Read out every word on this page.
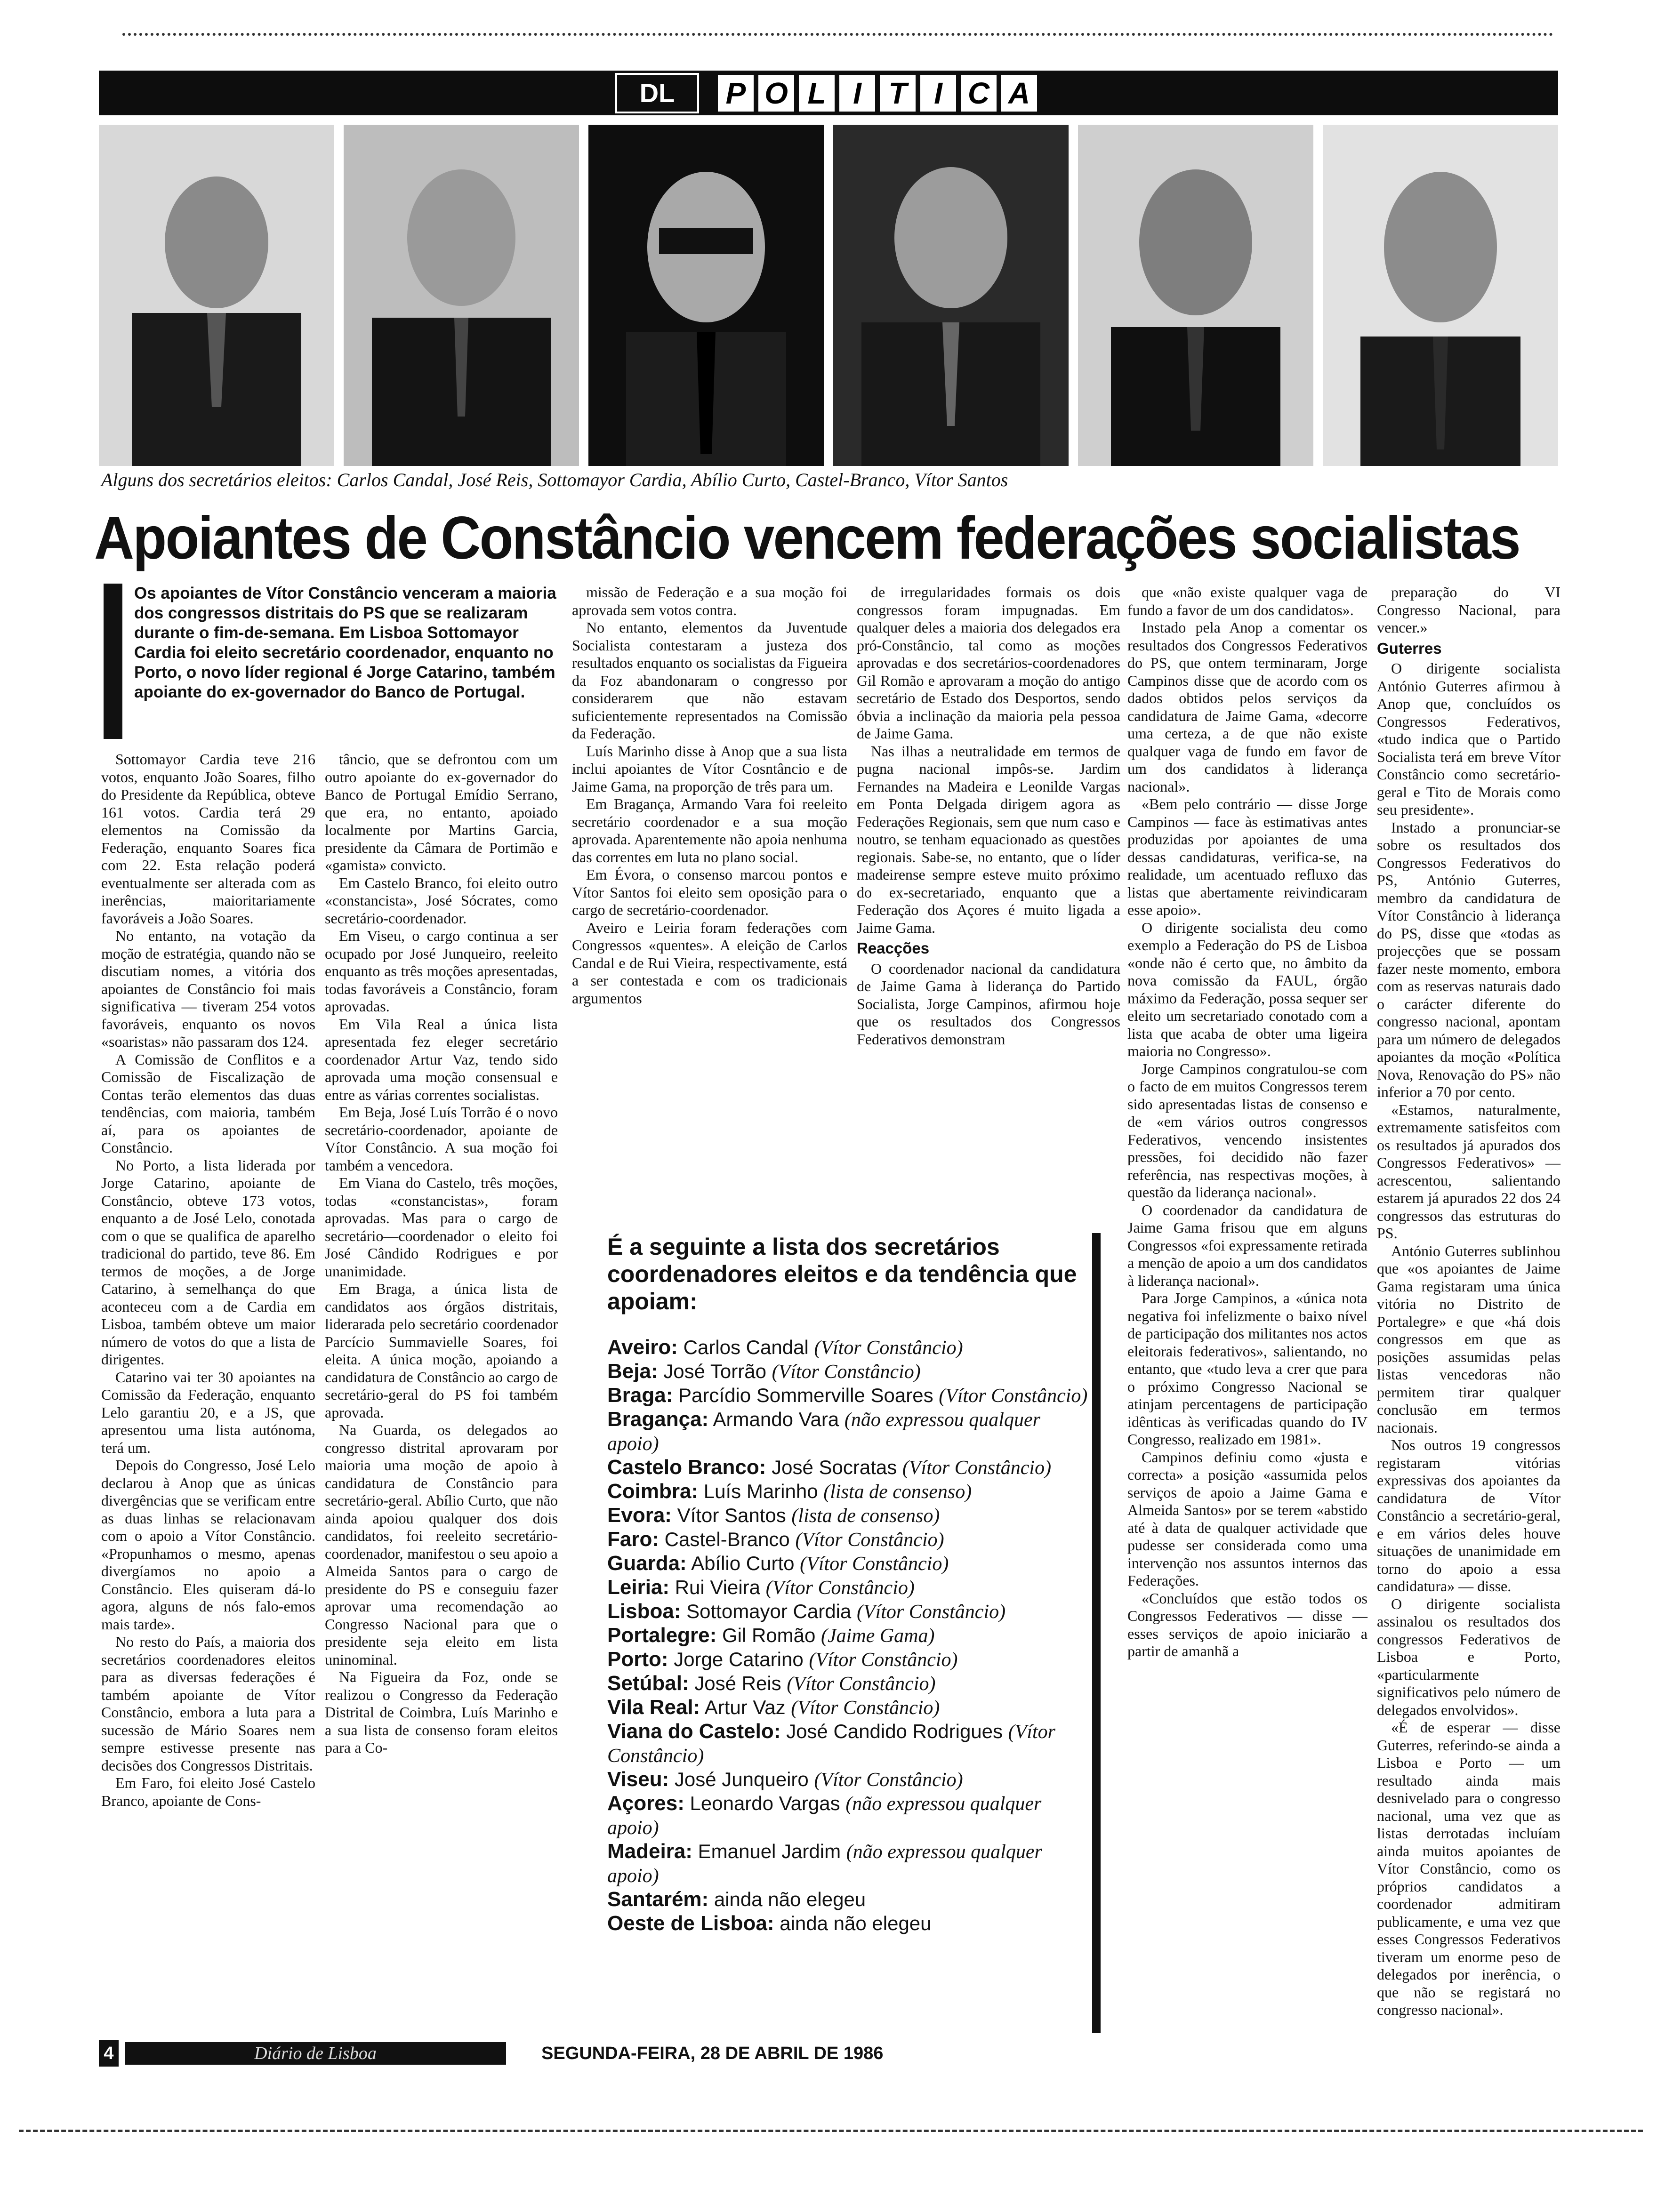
DL	P O L I T I C A
Alguns dos secretários eleitos: Carlos Candal, José Reis, Sottomayor Cardia, Abílio Curto, Castel-Branco, Vítor Santos
Apoiantes de Constâncio vencem federações socialistas
Os apoiantes de Vítor Constâncio venceram a maioria dos congressos distritais do PS que se realizaram durante o fim-de-semana. Em Lisboa Sottomayor Cardia foi eleito secretário coordenador, enquanto no Porto, o novo líder regional é Jorge Catarino, também apoiante do ex-governador do Banco de Portugal.

Sottomayor Cardia teve 216 votos, enquanto João Soares, filho do Presidente da República, obteve 161 votos. Cardia terá 29 elementos na Comissão da Federação, enquanto Soares fica com 22. Esta relação poderá eventualmente ser alterada com as inerências, maioritariamente favoráveis a João Soares.

No entanto, na votação da moção de estratégia, quando não se discutiam nomes, a vitória dos apoiantes de Constâncio foi mais significativa — tiveram 254 votos favoráveis, enquanto os novos «soaristas» não passaram dos 124.

A Comissão de Conflitos e a Comissão de Fiscalização de Contas terão elementos das duas tendências, com maioria, também aí, para os apoiantes de Constâncio.

No Porto, a lista liderada por Jorge Catarino, apoiante de Constâncio, obteve 173 votos, enquanto a de José Lelo, conotada com o que se qualifica de aparelho tradicional do partido, teve 86. Em termos de moções, a de Jorge Catarino, à semelhança do que aconteceu com a de Cardia em Lisboa, também obteve um maior número de votos do que a lista de dirigentes.

Catarino vai ter 30 apoiantes na Comissão da Federação, enquanto Lelo garantiu 20, e a JS, que apresentou uma lista autónoma, terá um.

Depois do Congresso, José Lelo declarou à Anop que as únicas divergências que se verificam entre as duas linhas se relacionavam com o apoio a Vítor Constâncio. «Propunhamos o mesmo, apenas divergíamos no apoio a Constâncio. Eles quiseram dá-lo agora, alguns de nós falo-emos mais tarde».

No resto do País, a maioria dos secretários coordenadores eleitos para as diversas federações é também apoiante de Vítor Constâncio, embora a luta para a sucessão de Mário Soares nem sempre estivesse presente nas decisões dos Congressos Distritais.

Em Faro, foi eleito José Castelo Branco, apoiante de Cons-

tâncio, que se defrontou com um outro apoiante do ex-governador do Banco de Portugal Emídio Serrano, que era, no entanto, apoiado localmente por Martins Garcia, presidente da Câmara de Portimão e «gamista» convicto.

Em Castelo Branco, foi eleito outro «constancista», José Sócrates, como secretário-coordenador.

Em Viseu, o cargo continua a ser ocupado por José Junqueiro, reeleito enquanto as três moções apresentadas, todas favoráveis a Constâncio, foram aprovadas.

Em Vila Real a única lista apresentada fez eleger secretário coordenador Artur Vaz, tendo sido aprovada uma moção consensual e entre as várias correntes socialistas.

Em Beja, José Luís Torrão é o novo secretário-coordenador, apoiante de Vítor Constâncio. A sua moção foi também a vencedora.

Em Viana do Castelo, três moções, todas «constancistas», foram aprovadas. Mas para o cargo de secretário—coordenador o eleito foi José Cândido Rodrigues e por unanimidade.

Em Braga, a única lista de candidatos aos órgãos distritais, liderarada pelo secretário coordenador Parcício Summavielle Soares, foi eleita. A única moção, apoiando a candidatura de Constâncio ao cargo de secretário-geral do PS foi também aprovada.

Na Guarda, os delegados ao congresso distrital aprovaram por maioria uma moção de apoio à candidatura de Constâncio para secretário-geral. Abílio Curto, que não ainda apoiou qualquer dos dois candidatos, foi reeleito secretário-coordenador, manifestou o seu apoio a Almeida Santos para o cargo de presidente do PS e conseguiu fazer aprovar uma recomendação ao Congresso Nacional para que o presidente seja eleito em lista uninominal.

Na Figueira da Foz, onde se realizou o Congresso da Federação Distrital de Coimbra, Luís Marinho e a sua lista de consenso foram eleitos para a Co-

missão de Federação e a sua moção foi aprovada sem votos contra.

No entanto, elementos da Juventude Socialista contestaram a justeza dos resultados enquanto os socialistas da Figueira da Foz abandonaram o congresso por considerarem que não estavam suficientemente representados na Comissão da Federação.

Luís Marinho disse à Anop que a sua lista inclui apoiantes de Vítor Cosntâncio e de Jaime Gama, na proporção de três para um.

Em Bragança, Armando Vara foi reeleito secretário coordenador e a sua moção aprovada. Aparentemente não apoia nenhuma das correntes em luta no plano social.

Em Évora, o consenso marcou pontos e Vítor Santos foi eleito sem oposição para o cargo de secretário-coordenador.

Aveiro e Leiria foram federações com Congressos «quentes». A eleição de Carlos Candal e de Rui Vieira, respectivamente, está a ser contestada e com os tradicionais argumentos

de irregularidades formais os dois congressos foram impugnadas. Em qualquer deles a maioria dos delegados era pró-Constâncio, tal como as moções aprovadas e dos secretários-coordenadores Gil Romão e aprovaram a moção do antigo secretário de Estado dos Desportos, sendo óbvia a inclinação da maioria pela pessoa de Jaime Gama.

Nas ilhas a neutralidade em termos de pugna nacional impôs-se. Jardim Fernandes na Madeira e Leonilde Vargas em Ponta Delgada dirigem agora as Federações Regionais, sem que num caso e noutro, se tenham equacionado as questões regionais. Sabe-se, no entanto, que o líder madeirense sempre esteve muito próximo do ex-secretariado, enquanto que a Federação dos Açores é muito ligada a Jaime Gama.

Reacções

O coordenador nacional da candidatura de Jaime Gama à liderança do Partido Socialista, Jorge Campinos, afirmou hoje que os resultados dos Congressos Federativos demonstram

que «não existe qualquer vaga de fundo a favor de um dos candidatos».

Instado pela Anop a comentar os resultados dos Congressos Federativos do PS, que ontem terminaram, Jorge Campinos disse que de acordo com os dados obtidos pelos serviços da candidatura de Jaime Gama, «decorre uma certeza, a de que não existe qualquer vaga de fundo em favor de um dos candidatos à liderança nacional».

«Bem pelo contrário — disse Jorge Campinos — face às estimativas antes produzidas por apoiantes de uma dessas candidaturas, verifica-se, na realidade, um acentuado refluxo das listas que abertamente reivindicaram esse apoio».

O dirigente socialista deu como exemplo a Federação do PS de Lisboa «onde não é certo que, no âmbito da nova comissão da FAUL, órgão máximo da Federação, possa sequer ser eleito um secretariado conotado com a lista que acaba de obter uma ligeira maioria no Congresso».

Jorge Campinos congratulou-se com o facto de em muitos Congressos terem sido apresentadas listas de consenso e de «em vários outros congressos Federativos, vencendo insistentes pressões, foi decidido não fazer referência, nas respectivas moções, à questão da liderança nacional».

O coordenador da candidatura de Jaime Gama frisou que em alguns Congressos «foi expressamente retirada a menção de apoio a um dos candidatos à liderança nacional».

Para Jorge Campinos, a «única nota negativa foi infelizmente o baixo nível de participação dos militantes nos actos eleitorais federativos», salientando, no entanto, que «tudo leva a crer que para o próximo Congresso Nacional se atinjam percentagens de participação idênticas às verificadas quando do IV Congresso, realizado em 1981».

Campinos definiu como «justa e correcta» a posição «assumida pelos serviços de apoio a Jaime Gama e Almeida Santos» por se terem «abstido até à data de qualquer actividade que pudesse ser considerada como uma intervenção nos assuntos internos das Federações.

«Concluídos que estão todos os Congressos Federativos — disse — esses serviços de apoio iniciarão a partir de amanhã a

preparação do VI Congresso Nacional, para vencer.»

Guterres

O dirigente socialista António Guterres afirmou à Anop que, concluídos os Congressos Federativos, «tudo indica que o Partido Socialista terá em breve Vítor Constâncio como secretário-geral e Tito de Morais como seu presidente».

Instado a pronunciar-se sobre os resultados dos Congressos Federativos do PS, António Guterres, membro da candidatura de Vítor Constâncio à liderança do PS, disse que «todas as projecções que se possam fazer neste momento, embora com as reservas naturais dado o carácter diferente do congresso nacional, apontam para um número de delegados apoiantes da moção «Política Nova, Renovação do PS» não inferior a 70 por cento.

«Estamos, naturalmente, extremamente satisfeitos com os resultados já apurados dos Congressos Federativos» — acrescentou, salientando estarem já apurados 22 dos 24 congressos das estruturas do PS.

António Guterres sublinhou que «os apoiantes de Jaime Gama registaram uma única vitória no Distrito de Portalegre» e que «há dois congressos em que as posições assumidas pelas listas vencedoras não permitem tirar qualquer conclusão em termos nacionais.

Nos outros 19 congressos registaram vitórias expressivas dos apoiantes da candidatura de Vítor Constâncio a secretário-geral, e em vários deles houve situações de unanimidade em torno do apoio a essa candidatura» — disse.

O dirigente socialista assinalou os resultados dos congressos Federativos de Lisboa e Porto, «particularmente significativos pelo número de delegados envolvidos».

«É de esperar — disse Guterres, referindo-se ainda a Lisboa e Porto — um resultado ainda mais desnivelado para o congresso nacional, uma vez que as listas derrotadas incluíam ainda muitos apoiantes de Vítor Constâncio, como os próprios candidatos a coordenador admitiram publicamente, e uma vez que esses Congressos Federativos tiveram um enorme peso de delegados por inerência, o que não se registará no congresso nacional».

É a seguinte a lista dos secretários coordenadores eleitos e da tendência que apoiam:
Aveiro: Carlos Candal (Vítor Constâncio)
Beja: José Torrão (Vítor Constâncio)
Braga: Parcídio Sommerville Soares (Vítor Constâncio)
Bragança: Armando Vara (não expressou qualquer apoio)
Castelo Branco: José Socratas (Vítor Constâncio)
Coimbra: Luís Marinho (lista de consenso)
Evora: Vítor Santos (lista de consenso)
Faro: Castel-Branco (Vítor Constâncio)
Guarda: Abílio Curto (Vítor Constâncio)
Leiria: Rui Vieira (Vítor Constâncio)
Lisboa: Sottomayor Cardia (Vítor Constâncio)
Portalegre: Gil Romão (Jaime Gama)
Porto: Jorge Catarino (Vítor Constâncio)
Setúbal: José Reis (Vítor Constâncio)
Vila Real: Artur Vaz (Vítor Constâncio)
Viana do Castelo: José Candido Rodrigues (Vítor Constâncio)
Viseu: José Junqueiro (Vítor Constâncio)
Açores: Leonardo Vargas (não expressou qualquer apoio)
Madeira: Emanuel Jardim (não expressou qualquer apoio)
Santarém: ainda não elegeu
Oeste de Lisboa: ainda não elegeu
4	Diário de Lisboa	SEGUNDA-FEIRA, 28 DE ABRIL DE 1986
